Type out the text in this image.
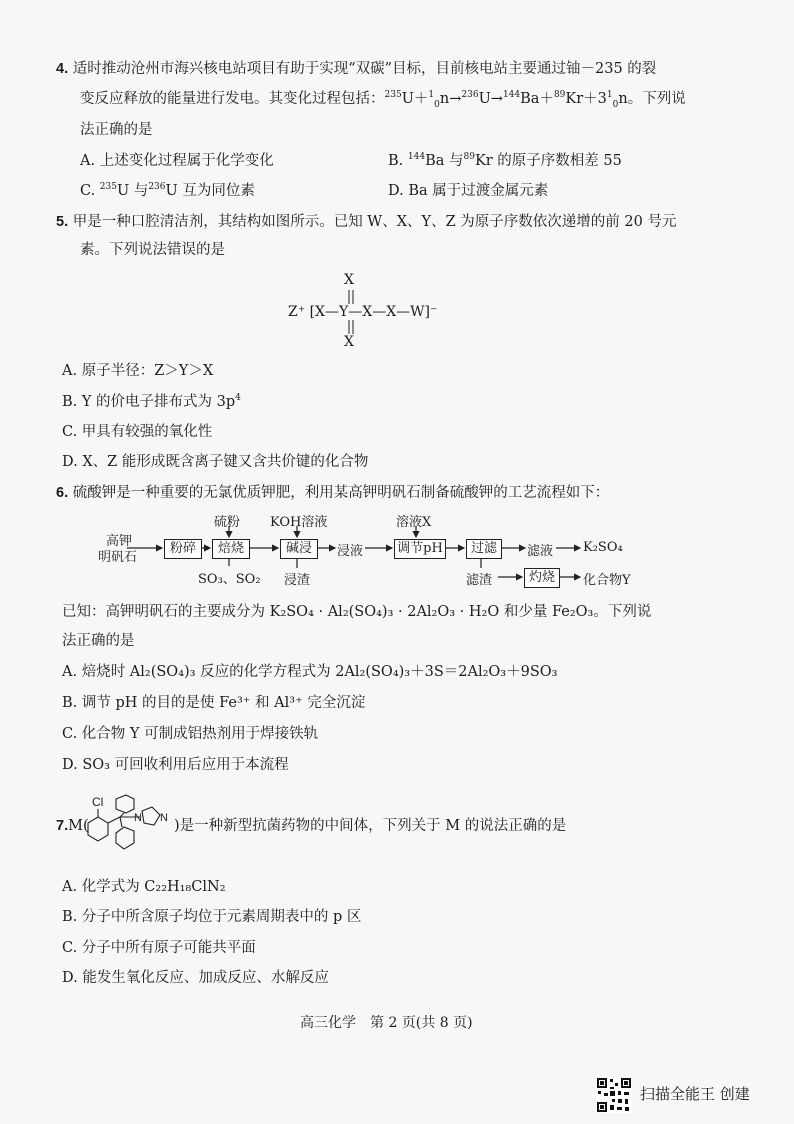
4. 适时推动沧州市海兴核电站项目有助于实现“双碳”目标，目前核电站主要通过铀－235 的裂
变反应释放的能量进行发电。其变化过程包括：$^{235}U+^1_0n\to^{236}U\to^{144}Ba+^{89}Kr+3^1_0n$。下列说
法正确的是
A. 上述变化过程属于化学变化	B. $^{144}$Ba 与$^{89}$Kr 的原子序数相差 55
C. $^{235}$U 与$^{236}$U 互为同位素	D. Ba 属于过渡金属元素
5. 甲是一种口腔清洁剂，其结构如图所示。已知 W、X、Y、Z 为原子序数依次递增的前 20 号元
素。下列说法错误的是
X
Z⁺ [X—Y—X—X—W]⁻
X
A. 原子半径：Z＞Y＞X
B. Y 的价电子排布式为 $3p^4$
C. 甲具有较强的氧化性
D. X、Z 能形成既含离子键又含共价键的化合物
6. 硫酸钾是一种重要的无氯优质钾肥，利用某高钾明矾石制备硫酸钾的工艺流程如下：
高钾
明矾石
粉碎	焙烧	碱浸	浸液	调节pH	过滤	滤液 K₂SO₄
滤渣	灼烧	化合物Y
硫粉 KOH溶液	溶液X
SO₃、SO₂ 浸渣
已知：高钾明矾石的主要成分为 K₂SO₄ · Al₂(SO₄)₃ · 2Al₂O₃ · H₂O 和少量 Fe₂O₃。下列说
法正确的是
A. 焙烧时 Al₂(SO₄)₃ 反应的化学方程式为 2Al₂(SO₄)₃＋3S＝2Al₂O₃＋9SO₃
B. 调节 pH 的目的是使 Fe³⁺ 和 Al³⁺ 完全沉淀
C. 化合物 Y 可制成铝热剂用于焊接铁轨
D. SO₃ 可回收利用后应用于本流程
7.M(
Cl
N N )是一种新型抗菌药物的中间体，下列关于 M 的说法正确的是
A. 化学式为 C₂₂H₁₈ClN₂
B. 分子中所含原子均位于元素周期表中的 p 区
C. 分子中所有原子可能共平面
D. 能发生氧化反应、加成反应、水解反应
高三化学　第 2 页(共 8 页)
扫描全能王 创建
